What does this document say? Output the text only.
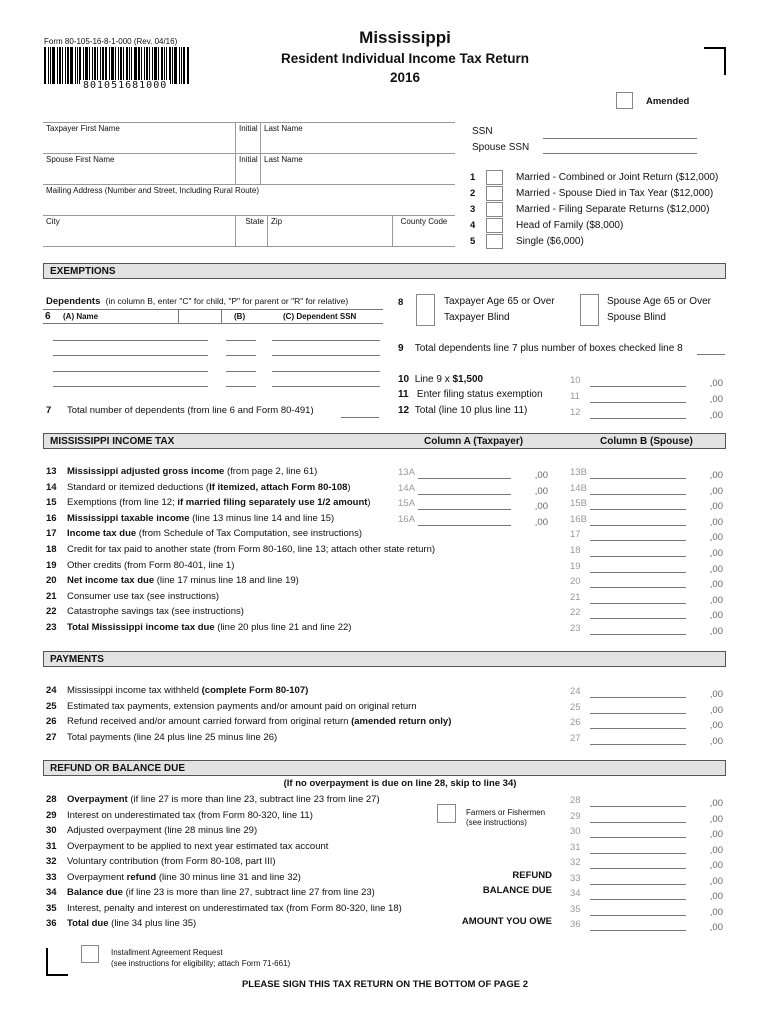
Form 80-105-16-8-1-000 (Rev. 04/16)
801051681000
Mississippi
Resident Individual Income Tax Return
2016
Amended
Taxpayer First Name	Initial Last Name
Spouse First Name	Initial Last Name
Mailing Address (Number and Street, Including Rural Route)
City	State Zip	County Code
SSN
Spouse SSN
1	Married - Combined or Joint Return ($12,000)
2	Married - Spouse Died in Tax Year ($12,000)
3	Married - Filing Separate Returns ($12,000)
4	Head of Family ($8,000)
5	Single ($6,000)
EXEMPTIONS
Dependents (in column B, enter "C" for child, "P" for parent or "R" for relative)
6 (A) Name	(B)	(C) Dependent SSN
7 Total number of dependents (from line 6 and Form 80-491)
8	Taxpayer Age 65 or Over
Taxpayer Blind
Spouse Age 65 or Over
Spouse Blind
9 Total dependents line 7 plus number of boxes checked line 8
10 Line 9 x $1,500
11 Enter filing status exemption
12 Total (line 10 plus line 11)
10	,00
11	,00
12	,00
MISSISSIPPI INCOME TAX	Column A (Taxpayer)	Column B (Spouse)
13 Mississippi adjusted gross income (from page 2, line 61)	13A	,00 13B	,00
14 Standard or itemized deductions (If itemized, attach Form 80-108)	14A	,00 14B	,00
15 Exemptions (from line 12; if married filing separately use 1/2 amount)	15A	,00 15B	,00
16 Mississippi taxable income (line 13 minus line 14 and line 15)	16A	,00 16B	,00
17 Income tax due (from Schedule of Tax Computation, see instructions)	17	,00
18 Credit for tax paid to another state (from Form 80-160, line 13; attach other state return)	18	,00
19 Other credits (from Form 80-401, line 1)	19	,00
20 Net income tax due (line 17 minus line 18 and line 19)	20	,00
21 Consumer use tax (see instructions)	21	,00
22 Catastrophe savings tax (see instructions)	22	,00
23 Total Mississippi income tax due (line 20 plus line 21 and line 22)	23	,00
PAYMENTS
24 Mississippi income tax withheld (complete Form 80-107)	24	,00
25 Estimated tax payments, extension payments and/or amount paid on original return	25	,00
26 Refund received and/or amount carried forward from original return (amended return only)	26	,00
27 Total payments (line 24 plus line 25 minus line 26)	27	,00
REFUND OR BALANCE DUE
(If no overpayment is due on line 28, skip to line 34)
28 Overpayment (if line 27 is more than line 23, subtract line 23 from line 27)	28	,00
29 Interest on underestimated tax (from Form 80-320, line 11)	29	,00
30 Adjusted overpayment (line 28 minus line 29)	30	,00
31 Overpayment to be applied to next year estimated tax account	31	,00
32 Voluntary contribution (from Form 80-108, part III)	32	,00
33 Overpayment refund (line 30 minus line 31 and line 32)	33	,00
34 Balance due (if line 23 is more than line 27, subtract line 27 from line 23)	34	,00
35 Interest, penalty and interest on underestimated tax (from Form 80-320, line 18)	35	,00
36 Total due (line 34 plus line 35)	36	,00
Farmers or Fishermen
(see instructions)
REFUND
BALANCE DUE
AMOUNT YOU OWE
Installment Agreement Request
(see instructions for eligibility; attach Form 71-661)
PLEASE SIGN THIS TAX RETURN ON THE BOTTOM OF PAGE 2
